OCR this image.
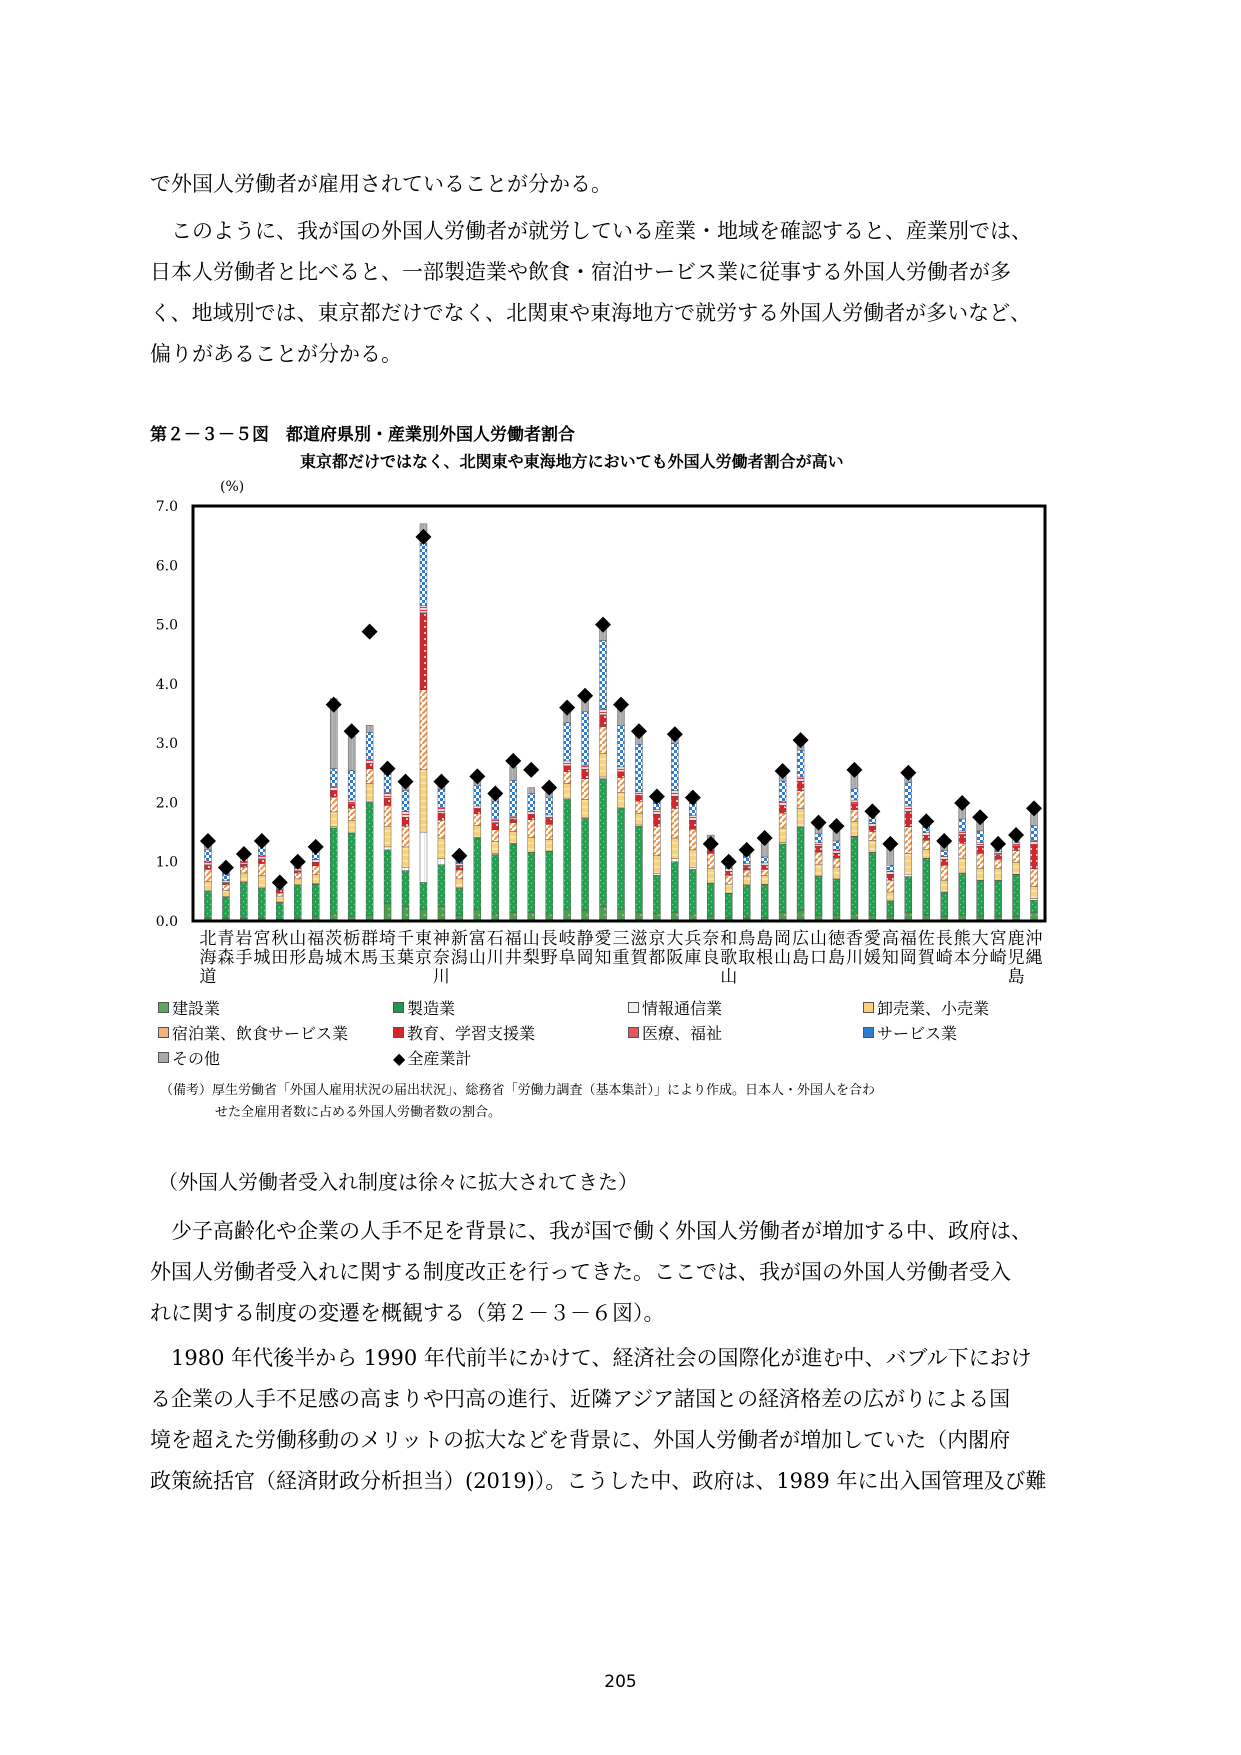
で外国人労働者が雇用されていることが分かる。

　このように、我が国の外国人労働者が就労している産業・地域を確認すると、産業別では、

日本人労働者と比べると、一部製造業や飲食・宿泊サービス業に従事する外国人労働者が多

く、地域別では、東京都だけでなく、北関東や東海地方で就労する外国人労働者が多いなど、

偏りがあることが分かる。

第２－３－５図　都道府県別・産業別外国人労働者割合
東京都だけではなく、北関東や東海地方においても外国人労働者割合が高い
(%)
0.0
1.0
2.0
3.0
4.0
5.0
6.0
7.0
北
海
道
青
森
岩
手
宮
城
秋
田
山
形
福
島
茨
城
栃
木
群
馬
埼
玉
千
葉
東
京
神
奈
川
新
潟
富
山
石
川
福
井
山
梨
長
野
岐
阜
静
岡
愛
知
三
重
滋
賀
京
都
大
阪
兵
庫
奈
良
和
歌
山
鳥
取
島
根
岡
山
広
島
山
口
徳
島
香
川
愛
媛
高
知
福
岡
佐
賀
長
崎
熊
本
大
分
宮
崎
鹿
児
島
沖
縄
建設業	製造業	情報通信業	卸売業、小売業
宿泊業、飲食サービス業	教育、学習支援業	医療、福祉	サービス業
その他	◆ 全産業計
（備考）厚生労働省「外国人雇用状況の届出状況」、総務省「労働力調査（基本集計）」により作成。日本人・外国人を合わ
せた全雇用者数に占める外国人労働者数の割合。
（外国人労働者受入れ制度は徐々に拡大されてきた）

　少子高齢化や企業の人手不足を背景に、我が国で働く外国人労働者が増加する中、政府は、

外国人労働者受入れに関する制度改正を行ってきた。ここでは、我が国の外国人労働者受入

れに関する制度の変遷を概観する（第２－３－６図）。

　1980 年代後半から 1990 年代前半にかけて、経済社会の国際化が進む中、バブル下におけ

る企業の人手不足感の高まりや円高の進行、近隣アジア諸国との経済格差の広がりによる国

境を超えた労働移動のメリットの拡大などを背景に、外国人労働者が増加していた（内閣府

政策統括官（経済財政分析担当）(2019)）。こうした中、政府は、1989 年に出入国管理及び難

205
